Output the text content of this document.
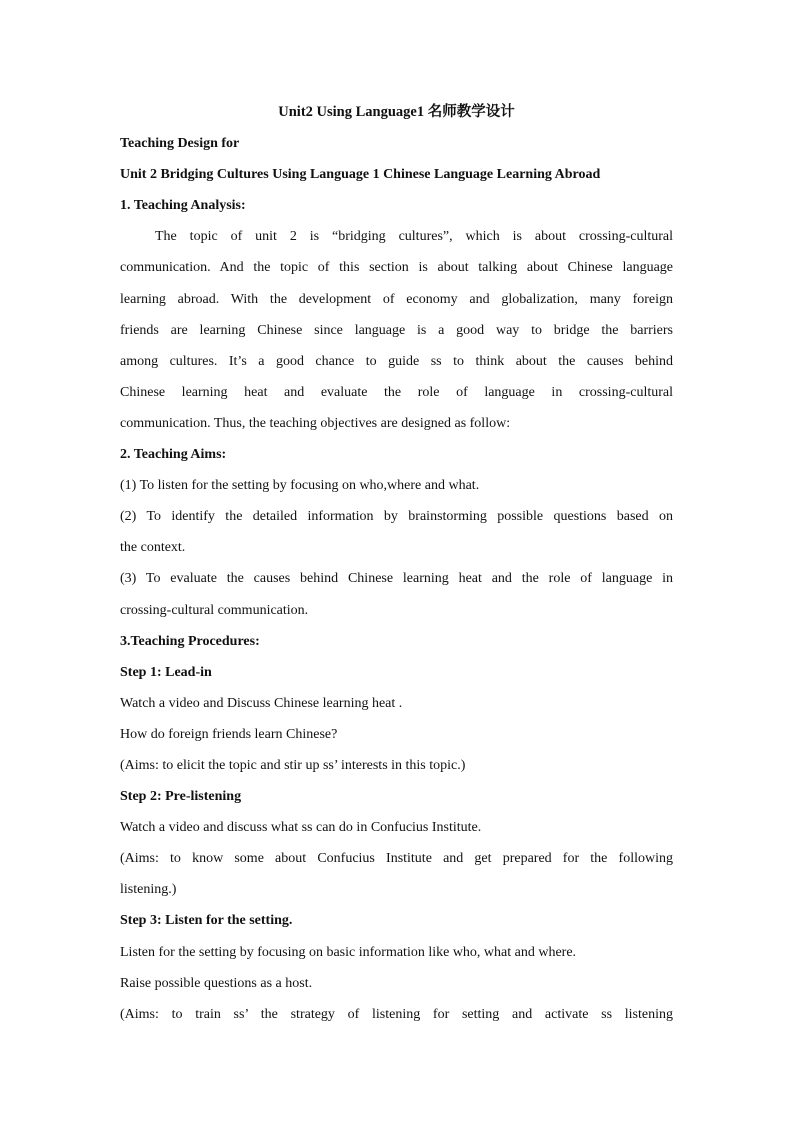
Unit2 Using Language1 名师教学设计
Teaching Design for
Unit 2 Bridging Cultures Using Language 1 Chinese Language Learning Abroad
1. Teaching Analysis:
The topic of unit 2 is “bridging cultures”, which is about crossing-cultural
communication. And the topic of this section is about talking about Chinese language
learning abroad. With the development of economy and globalization, many foreign
friends are learning Chinese since language is a good way to bridge the barriers
among cultures. It’s a good chance to guide ss to think about the causes behind
Chinese learning heat and evaluate the role of language in crossing-cultural
communication. Thus, the teaching objectives are designed as follow:
2. Teaching Aims:
(1) To listen for the setting by focusing on who,where and what.
(2) To identify the detailed information by brainstorming possible questions based on
the context.
(3) To evaluate the causes behind Chinese learning heat and the role of language in
crossing-cultural communication.
3.Teaching Procedures:
Step 1: Lead-in
Watch a video and Discuss Chinese learning heat .
How do foreign friends learn Chinese?
(Aims: to elicit the topic and stir up ss’ interests in this topic.)
Step 2: Pre-listening
Watch a video and discuss what ss can do in Confucius Institute.
(Aims: to know some about Confucius Institute and get prepared for the following
listening.)
Step 3: Listen for the setting.
Listen for the setting by focusing on basic information like who, what and where.
Raise possible questions as a host.
(Aims: to train ss’ the strategy of listening for setting and activate ss listening
